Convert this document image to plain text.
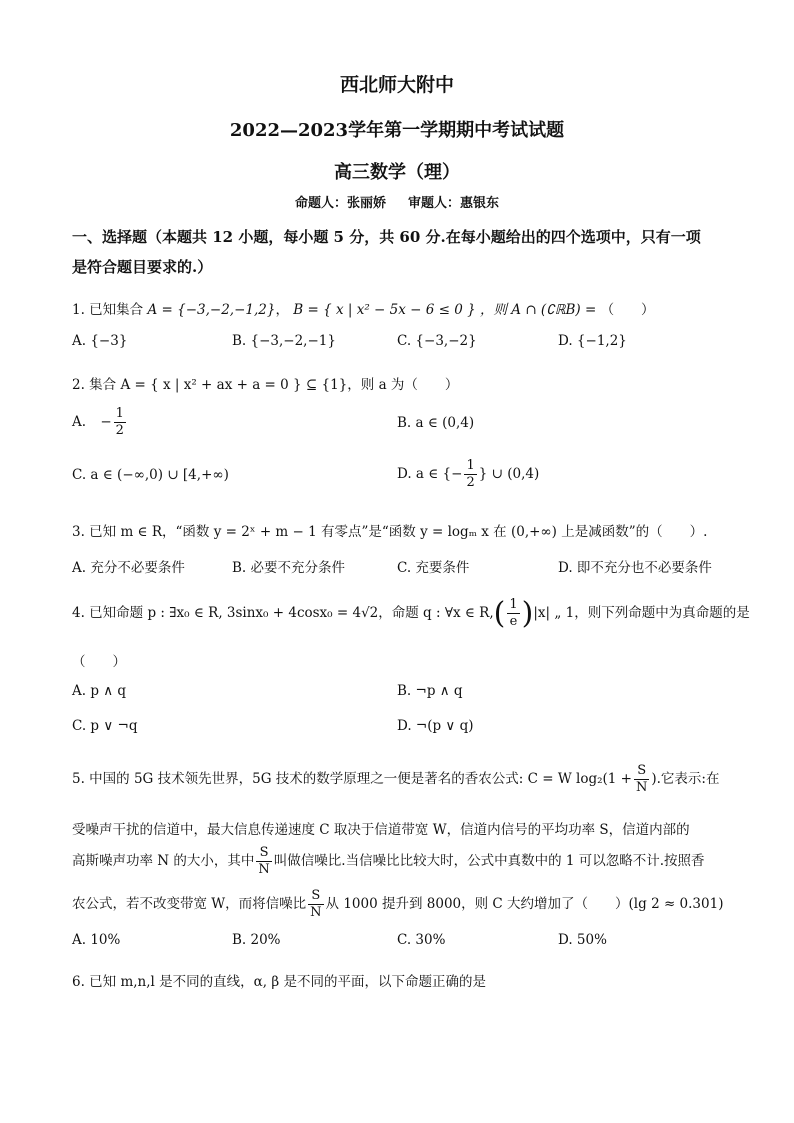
西北师大附中
2022—2023学年第一学期期中考试试题
高三数学（理）
命题人：张丽娇 审题人：惠银东
一、选择题（本题共 12 小题，每小题 5 分，共 60 分.在每小题给出的四个选项中，只有一项
是符合题目要求的.）
1. 已知集合 A = {−3,−2,−1,2}， B = { x | x² − 5x − 6 ≤ 0 } ，则 A ∩ (∁ℝB) = （　　）
A. {−3}	B. {−3,−2,−1}	C. {−3,−2}	D. {−1,2}
2. 集合 A = { x | x² + ax + a = 0 } ⊆ {1}，则 a 为（　　）
A. − $\frac{1}{2}$	B. a ∈ (0,4)
C. a ∈ (−∞,0) ∪ [4,+∞)	D. a ∈ {− $\frac{1}{2}$ } ∪ (0,4)
3. 已知 m ∈ R，“函数 y = 2ˣ + m − 1 有零点”是“函数 y = logₘ x 在 (0,+∞) 上是减函数”的（　　）.
A. 充分不必要条件	B. 必要不充分条件	C. 充要条件	D. 即不充分也不必要条件
4. 已知命题 p : ∃x₀ ∈ R, 3sinx₀ + 4cosx₀ = 4√2，命题 q : ∀x ∈ $R,( \frac{1}{e} )|x|$ „ 1，则下列命题中为真命题的是
（　　）
A. p ∧ q	B. ¬p ∧ q
C. p ∨ ¬q	D. ¬(p ∨ q)
5. 中国的 5G 技术领先世界，5G 技术的数学原理之一便是著名的香农公式: C = W $\log_2(1 + \frac{S}{N}$ ).它表示:在
受噪声干扰的信道中，最大信息传递速度 C 取决于信道带宽 W，信道内信号的平均功率 S，信道内部的
高斯噪声功率 N 的大小，其中 $\frac{S}{N}$ 叫做信噪比.当信噪比比较大时，公式中真数中的 1 可以忽略不计.按照香
农公式，若不改变带宽 W，而将信噪比 $\frac{S}{N}$ 从 1000 提升到 8000，则 C 大约增加了（　　）(lg 2 ≈ 0.301)
A. 10%	B. 20%	C. 30%	D. 50%
6. 已知 m,n,l 是不同的直线，α, β 是不同的平面，以下命题正确的是
